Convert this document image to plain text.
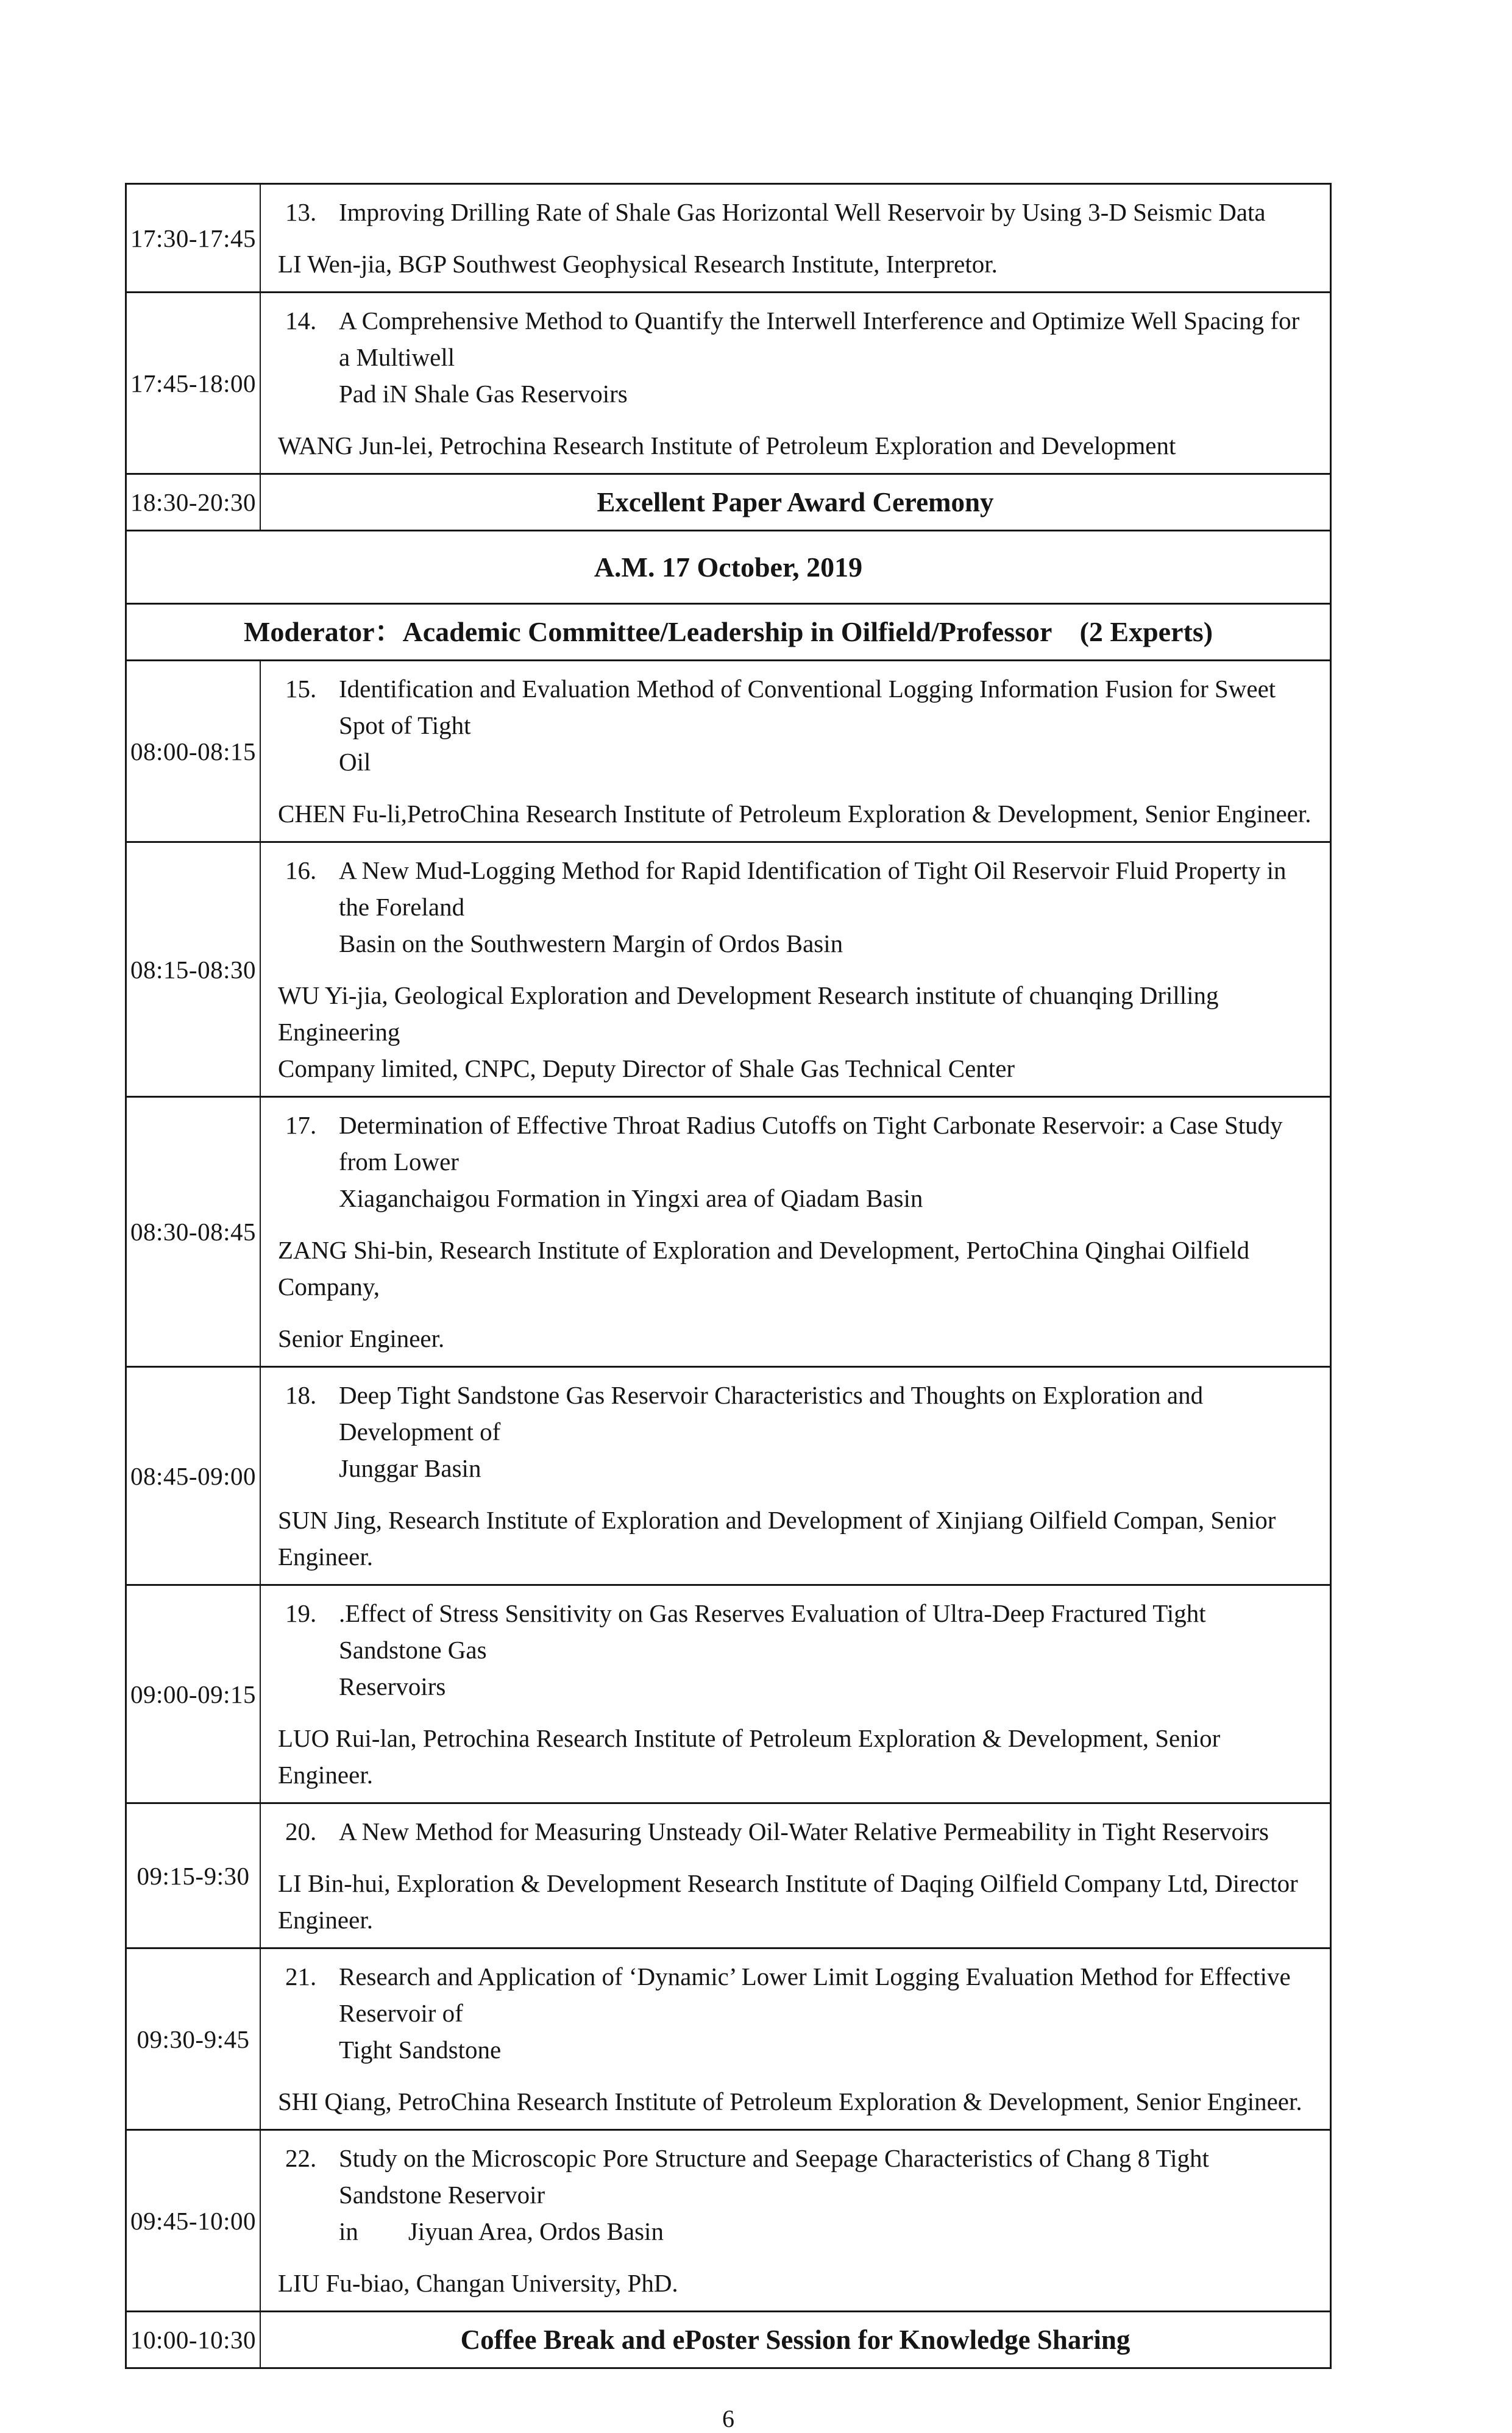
17:30-17:45	13. Improving Drilling Rate of Shale Gas Horizontal Well Reservoir by Using 3-D Seismic Data
LI Wen-jia, BGP Southwest Geophysical Research Institute, Interpretor.

17:45-18:00	14. A Comprehensive Method to Quantify the Interwell Interference and Optimize Well Spacing for a Multiwell
Pad iN Shale Gas Reservoirs
WANG Jun-lei, Petrochina Research Institute of Petroleum Exploration and Development

18:30-20:30	Excellent Paper Award Ceremony
A.M. 17 October, 2019	
Moderator：Academic Committee/Leadership in Oilfield/Professor　(2 Experts)	
08:00-08:15	15. Identification and Evaluation Method of Conventional Logging Information Fusion for Sweet Spot of Tight
Oil
CHEN Fu-li,PetroChina Research Institute of Petroleum Exploration & Development, Senior Engineer.

08:15-08:30	16. A New Mud-Logging Method for Rapid Identification of Tight Oil Reservoir Fluid Property in the Foreland
Basin on the Southwestern Margin of Ordos Basin
WU Yi-jia, Geological Exploration and Development Research institute of chuanqing Drilling Engineering
Company limited, CNPC, Deputy Director of Shale Gas Technical Center

08:30-08:45	17. Determination of Effective Throat Radius Cutoffs on Tight Carbonate Reservoir: a Case Study from Lower
Xiaganchaigou Formation in Yingxi area of Qiadam Basin
ZANG Shi-bin, Research Institute of Exploration and Development, PertoChina Qinghai Oilfield Company,
Senior Engineer.

08:45-09:00	18. Deep Tight Sandstone Gas Reservoir Characteristics and Thoughts on Exploration and Development of
Junggar Basin
SUN Jing, Research Institute of Exploration and Development of Xinjiang Oilfield Compan, Senior Engineer.

09:00-09:15	19. .Effect of Stress Sensitivity on Gas Reserves Evaluation of Ultra-Deep Fractured Tight Sandstone Gas
Reservoirs
LUO Rui-lan, Petrochina Research Institute of Petroleum Exploration & Development, Senior Engineer.

09:15-9:30	20. A New Method for Measuring Unsteady Oil-Water Relative Permeability in Tight Reservoirs
LI Bin-hui, Exploration & Development Research Institute of Daqing Oilfield Company Ltd, Director Engineer.

09:30-9:45	21. Research and Application of ‘Dynamic’ Lower Limit Logging Evaluation Method for Effective Reservoir of
Tight Sandstone
SHI Qiang, PetroChina Research Institute of Petroleum Exploration & Development, Senior Engineer.

09:45-10:00	22. Study on the Microscopic Pore Structure and Seepage Characteristics of Chang 8 Tight Sandstone Reservoir
in　　Jiyuan Area, Ordos Basin
LIU Fu-biao, Changan University, PhD.

10:00-10:30	Coffee Break and ePoster Session for Knowledge Sharing
6
